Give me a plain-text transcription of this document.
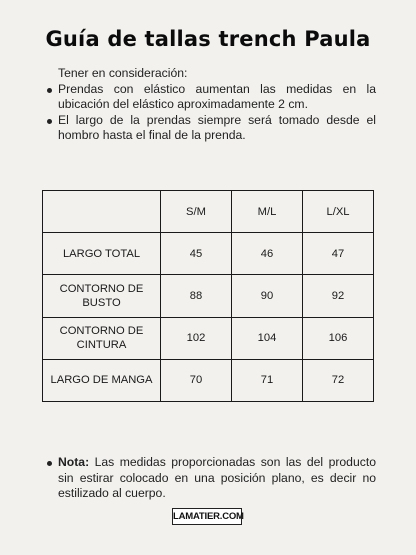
Guía de tallas trench Paula

Tener en consideración:

Prendas con elástico aumentan las medidas en la ubicación del elástico aproximadamente 2 cm.
El largo de la prendas siempre será tomado desde el hombro hasta el final de la prenda.
	S/M	M/L	L/XL
LARGO TOTAL	45	46	47
CONTORNO DE BUSTO	88	90	92
CONTORNO DE CINTURA	102	104	106
LARGO DE MANGA	70	71	72
Nota: Las medidas proporcionadas son las del producto sin estirar colocado en una posición plano, es decir no estilizado al cuerpo.
LAMATIER.COM
